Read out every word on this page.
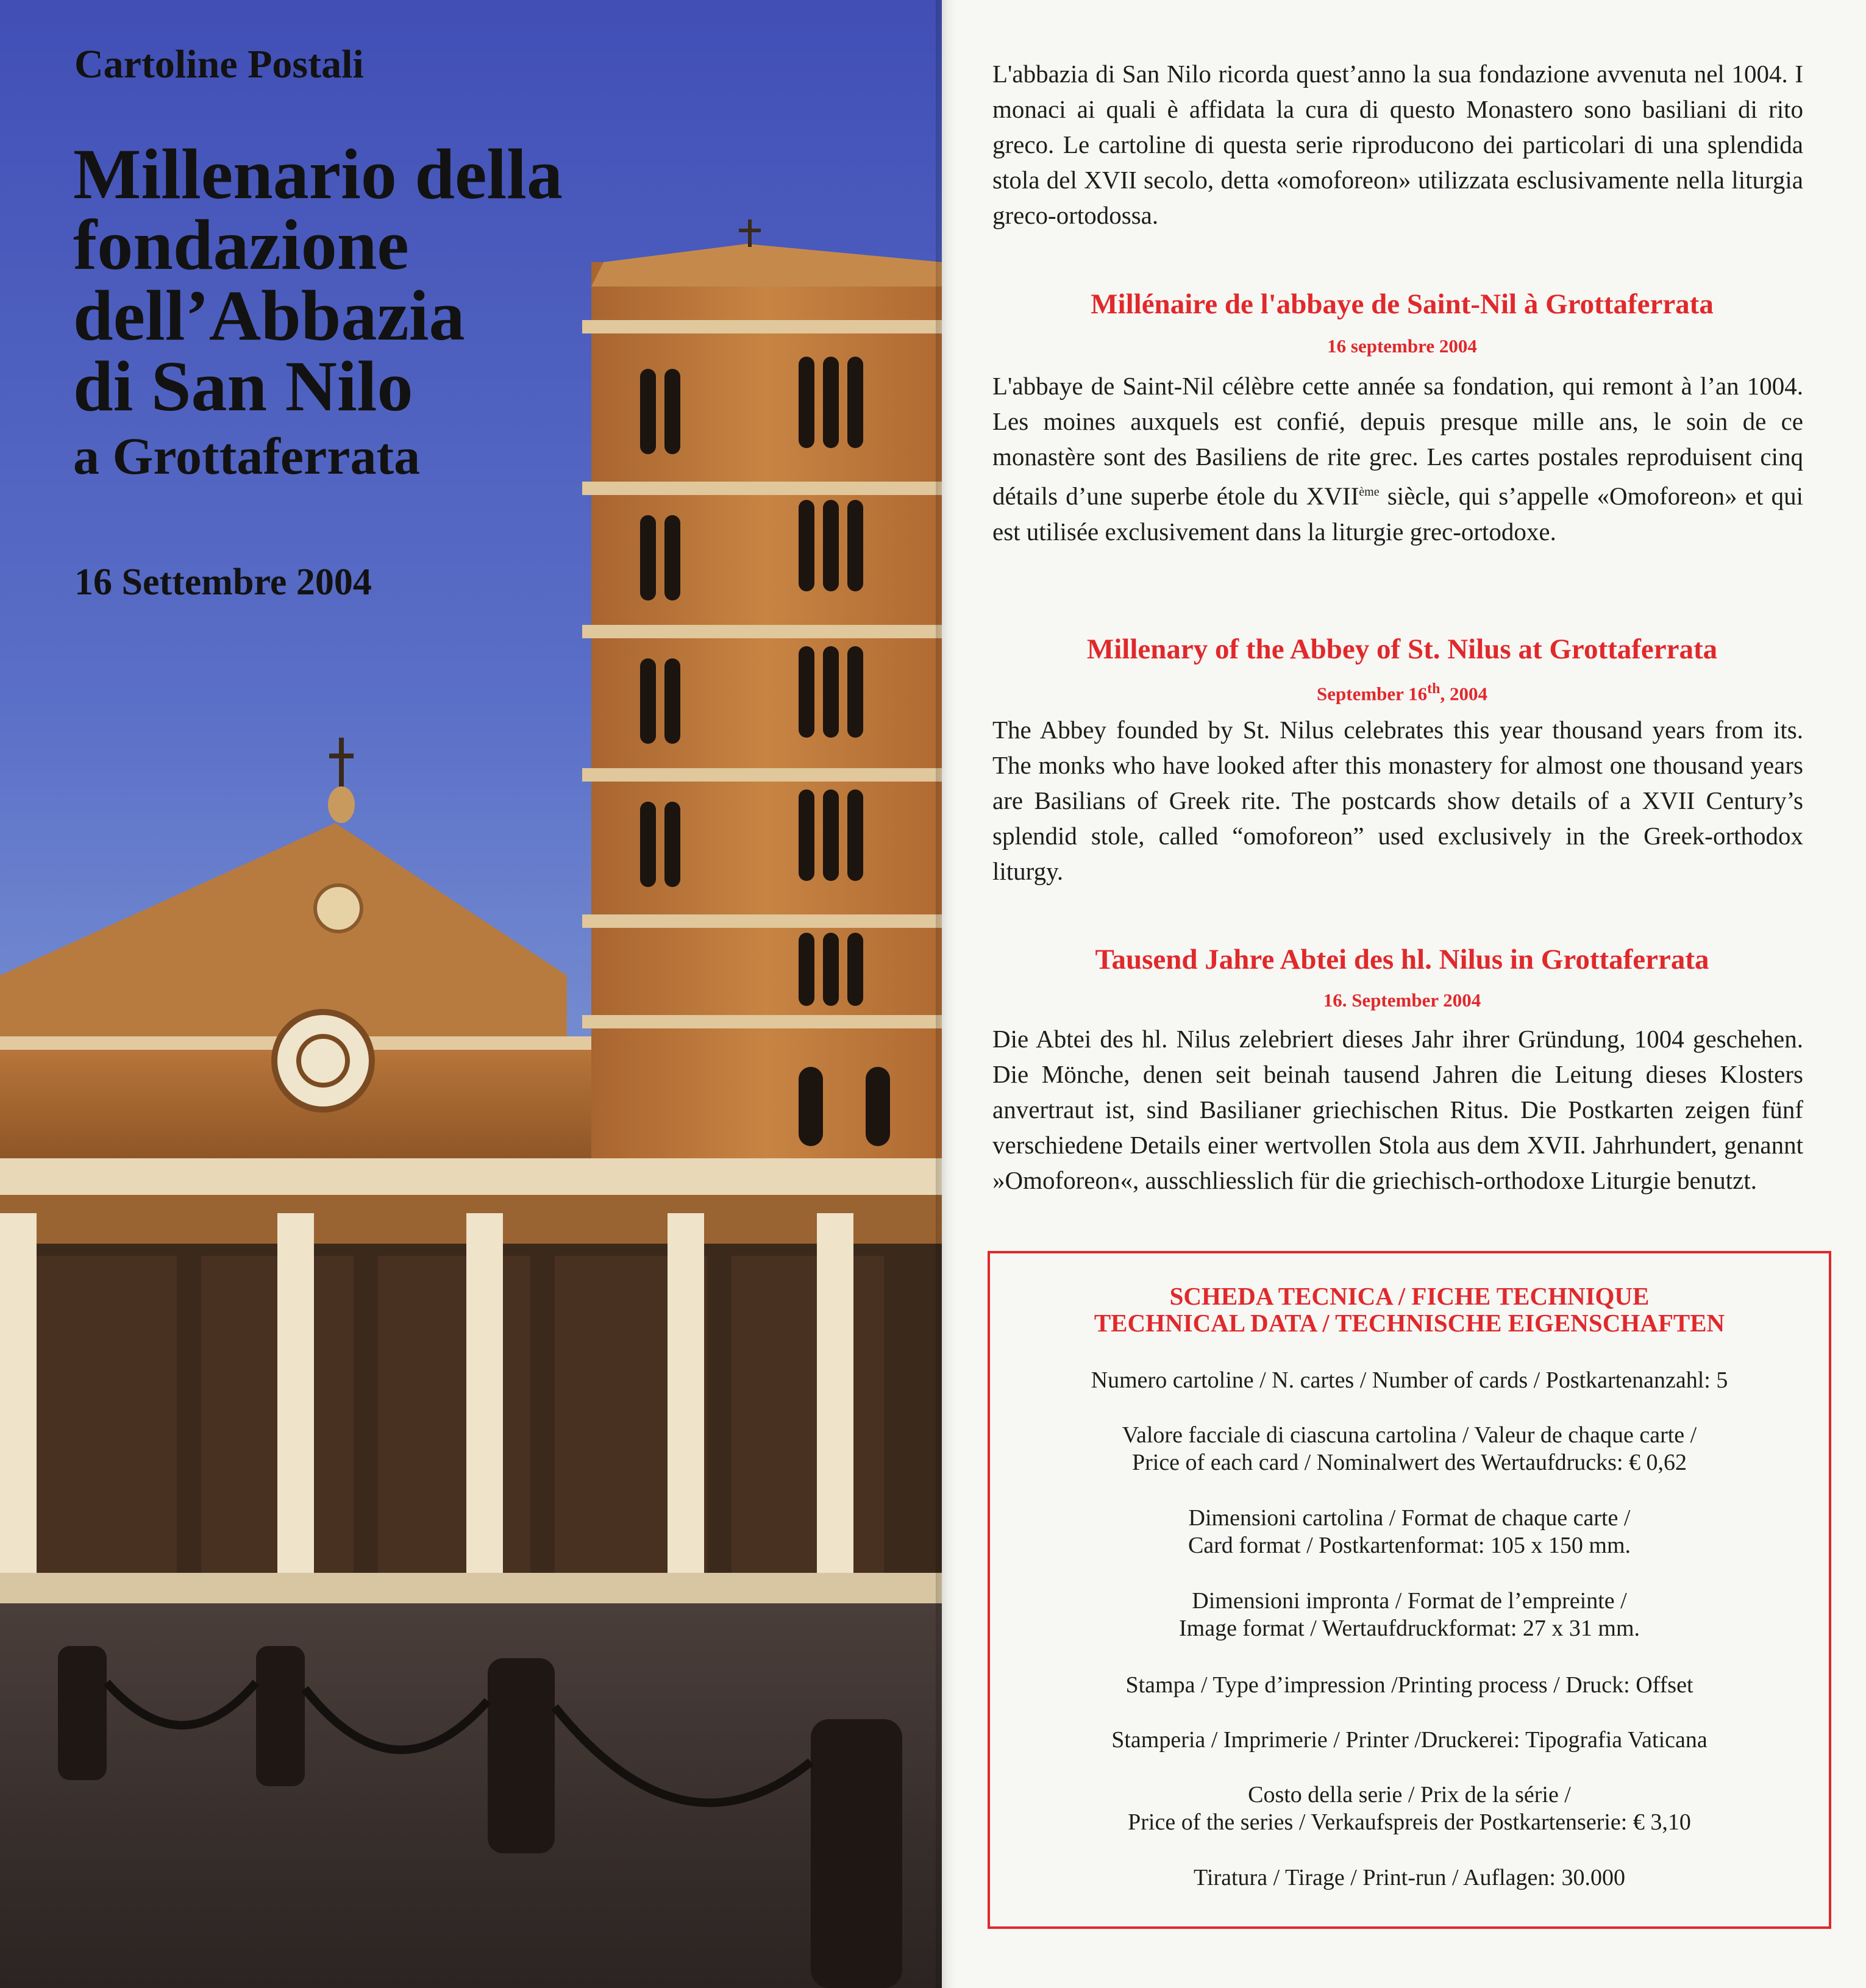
Cartoline Postali
Millenario della
fondazione
dell’Abbazia
di San Nilo
a Grottaferrata
16 Settembre 2004

L'abbazia di San Nilo ricorda quest’anno la sua fondazione avvenuta nel 1004. I monaci ai quali è affidata la cura di questo Monastero sono basiliani di rito greco. Le cartoline di questa serie riproducono dei particolari di una splendida stola del XVII secolo, detta «omoforeon» utilizzata esclusivamente nella liturgia greco-ortodossa.

Millénaire de l'abbaye de Saint-Nil à Grottaferrata
16 septembre 2004

L'abbaye de Saint-Nil célèbre cette année sa fondation, qui remont à l’an 1004. Les moines auxquels est confié, depuis presque mille ans, le soin de ce monastère sont des Basiliens de rite grec. Les cartes postales reproduisent cinq détails d’une superbe étole du XVIIème siècle, qui s’appelle «Omoforeon» et qui est utilisée exclusivement dans la liturgie grec-ortodoxe.

Millenary of the Abbey of St. Nilus at Grottaferrata
September 16th, 2004

The Abbey founded by St. Nilus celebrates this year thousand years from its. The monks who have looked after this monastery for almost one thousand years are Basilians of Greek rite. The postcards show details of a XVII Century’s splendid stole, called “omoforeon” used exclusively in the Greek-orthodox liturgy.

Tausend Jahre Abtei des hl. Nilus in Grottaferrata
16. September 2004

Die Abtei des hl. Nilus zelebriert dieses Jahr ihrer Gründung, 1004 geschehen. Die Mönche, denen seit beinah tausend Jahren die Leitung dieses Klosters anvertraut ist, sind Basilianer griechischen Ritus. Die Postkarten zeigen fünf verschiedene Details einer wertvollen Stola aus dem XVII. Jahrhundert, genannt »Omoforeon«, ausschliesslich für die griechisch-orthodoxe Liturgie benutzt.

SCHEDA TECNICA / FICHE TECHNIQUE
TECHNICAL DATA / TECHNISCHE EIGENSCHAFTEN
Numero cartoline / N. cartes / Number of cards / Postkartenanzahl: 5
Valore facciale di ciascuna cartolina / Valeur de chaque carte /
Price of each card / Nominalwert des Wertaufdrucks: € 0,62
Dimensioni cartolina / Format de chaque carte /
Card format / Postkartenformat: 105 x 150 mm.
Dimensioni impronta / Format de l’empreinte /
Image format / Wertaufdruckformat: 27 x 31 mm.
Stampa / Type d’impression /Printing process / Druck: Offset
Stamperia / Imprimerie / Printer /Druckerei: Tipografia Vaticana
Costo della serie / Prix de la série /
Price of the series / Verkaufspreis der Postkartenserie: € 3,10
Tiratura / Tirage / Print-run / Auflagen: 30.000
